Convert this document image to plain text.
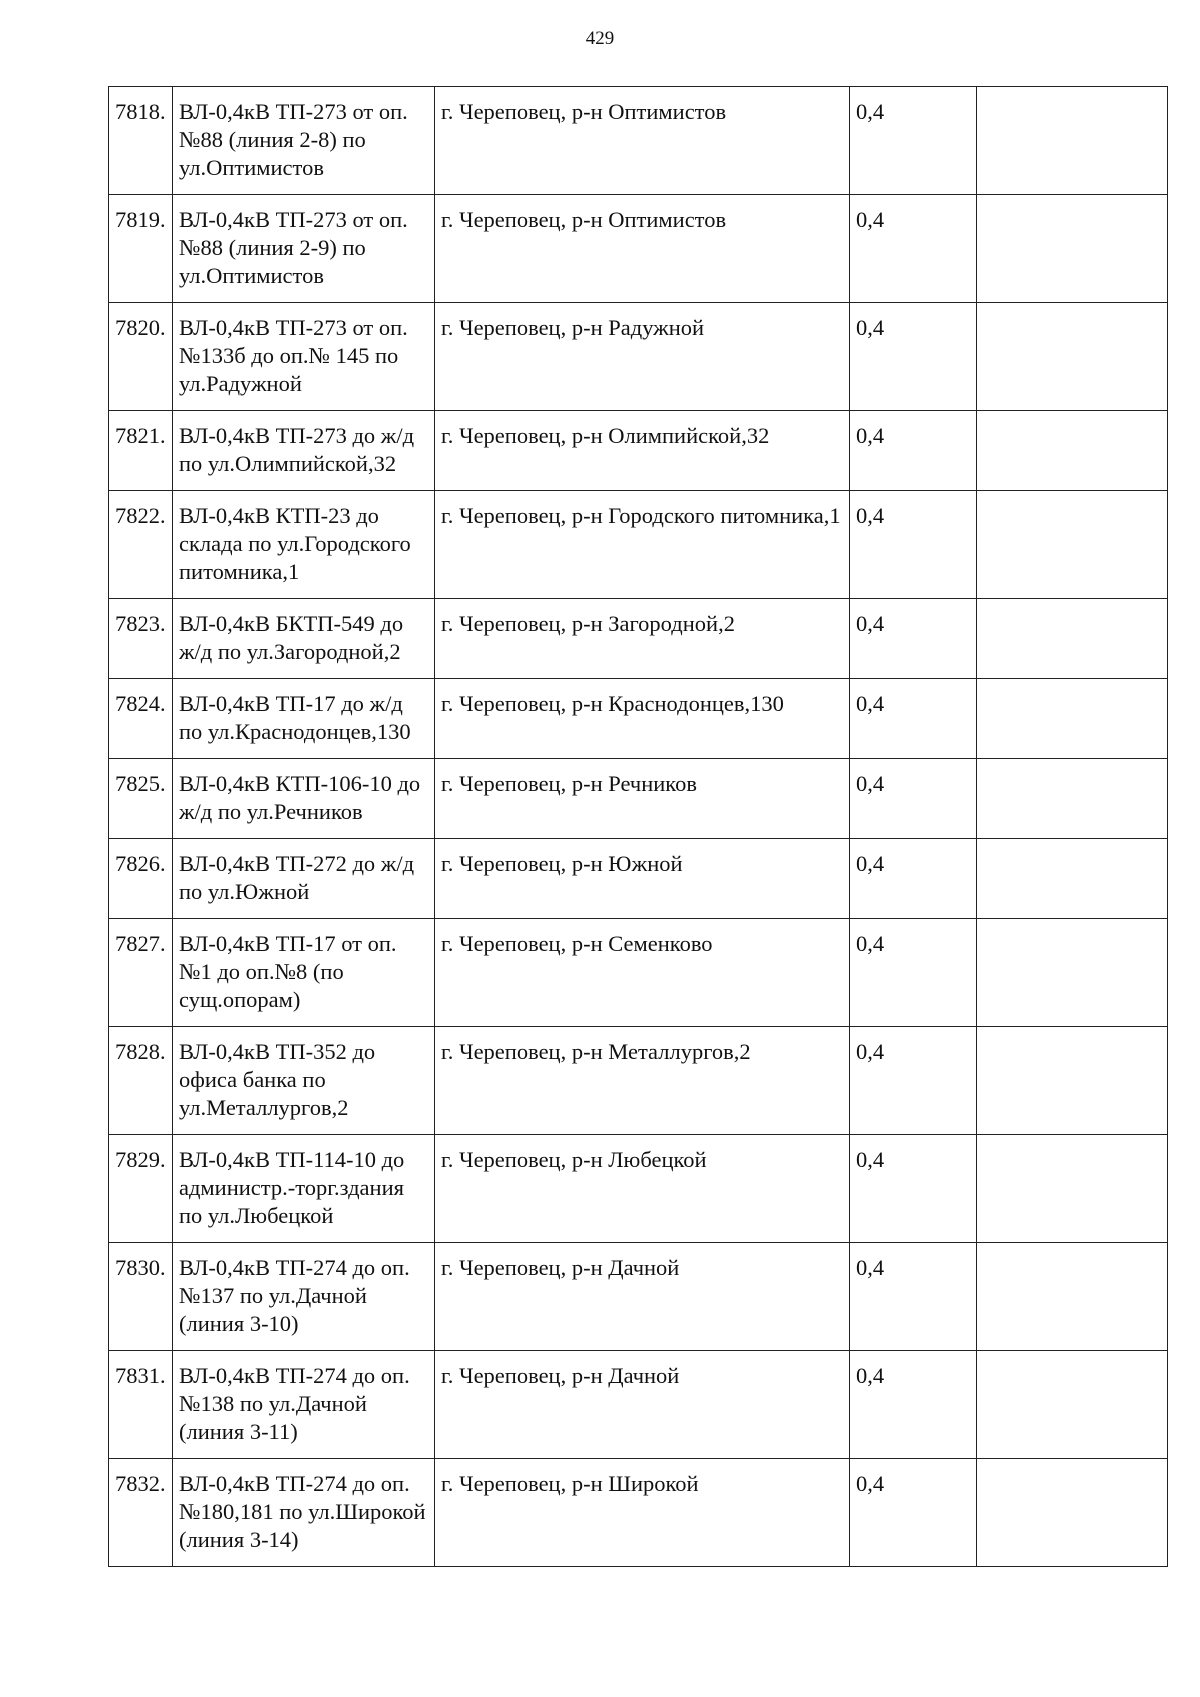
429
7818.	ВЛ-0,4кВ ТП-273 от оп.№88 (линия 2-8) по ул.Оптимистов	г. Череповец, р-н Оптимистов	0,4	
7819.	ВЛ-0,4кВ ТП-273 от оп.№88 (линия 2-9) по ул.Оптимистов	г. Череповец, р-н Оптимистов	0,4	
7820.	ВЛ-0,4кВ ТП-273 от оп.№133б до оп.№ 145 по ул.Радужной	г. Череповец, р-н Радужной	0,4	
7821.	ВЛ-0,4кВ ТП-273 до ж/д по ул.Олимпийской,32	г. Череповец, р-н Олимпийской,32	0,4	
7822.	ВЛ-0,4кВ КТП-23 до склада по ул.Городского питомника,1	г. Череповец, р-н Городского питомника,1	0,4	
7823.	ВЛ-0,4кВ БКТП-549 до ж/д по ул.Загородной,2	г. Череповец, р-н Загородной,2	0,4	
7824.	ВЛ-0,4кВ ТП-17 до ж/д по ул.Краснодонцев,130	г. Череповец, р-н Краснодонцев,130	0,4	
7825.	ВЛ-0,4кВ КТП-106-10 до ж/д по ул.Речников	г. Череповец, р-н Речников	0,4	
7826.	ВЛ-0,4кВ ТП-272 до ж/д по ул.Южной	г. Череповец, р-н Южной	0,4	
7827.	ВЛ-0,4кВ ТП-17 от оп.№1 до оп.№8 (по сущ.опорам)	г. Череповец, р-н Семенково	0,4	
7828.	ВЛ-0,4кВ ТП-352 до офиса банка по ул.Металлургов,2	г. Череповец, р-н Металлургов,2	0,4	
7829.	ВЛ-0,4кВ ТП-114-10 до администр.-торг.здания по ул.Любецкой	г. Череповец, р-н Любецкой	0,4	
7830.	ВЛ-0,4кВ ТП-274 до оп. №137 по ул.Дачной (линия 3-10)	г. Череповец, р-н Дачной	0,4	
7831.	ВЛ-0,4кВ ТП-274 до оп. №138 по ул.Дачной (линия 3-11)	г. Череповец, р-н Дачной	0,4	
7832.	ВЛ-0,4кВ ТП-274 до оп. №180,181 по ул.Широкой (линия 3-14)	г. Череповец, р-н Широкой	0,4	
